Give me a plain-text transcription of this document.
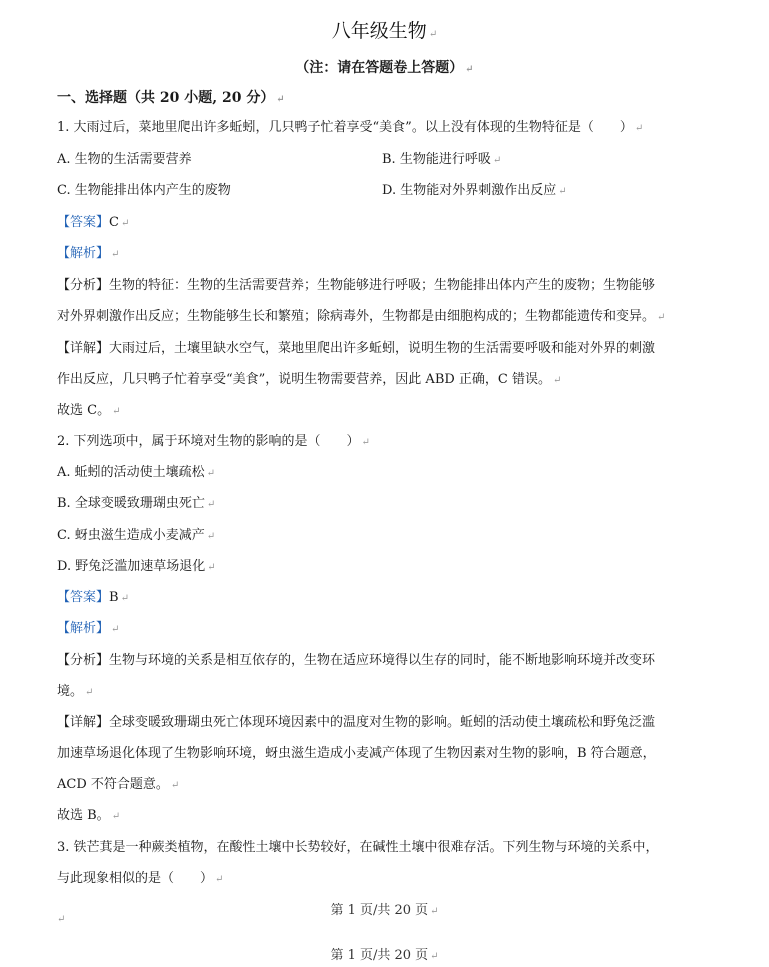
八年级生物 ↵
（注：请在答题卷上答题） ↵
一、选择题（共 20 小题, 20 分） ↵
1. 大雨过后，菜地里爬出许多蚯蚓，几只鸭子忙着享受“美食”。以上没有体现的生物特征是（　　） ↵
A. 生物的生活需要营养	B. 生物能进行呼吸 ↵
C. 生物能排出体内产生的废物	D. 生物能对外界刺激作出反应 ↵
【答案】C ↵
【解析】 ↵
【分析】生物的特征：生物的生活需要营养；生物能够进行呼吸；生物能排出体内产生的废物；生物能够
对外界刺激作出反应；生物能够生长和繁殖；除病毒外，生物都是由细胞构成的；生物都能遗传和变异。 ↵
【详解】大雨过后，土壤里缺水空气，菜地里爬出许多蚯蚓，说明生物的生活需要呼吸和能对外界的刺激
作出反应，几只鸭子忙着享受“美食”，说明生物需要营养，因此 ABD 正确，C 错误。 ↵
故选 C。 ↵
2. 下列选项中，属于环境对生物的影响的是（　　） ↵
A. 蚯蚓的活动使土壤疏松 ↵
B. 全球变暖致珊瑚虫死亡 ↵
C. 蚜虫滋生造成小麦减产 ↵
D. 野兔泛滥加速草场退化 ↵
【答案】B ↵
【解析】 ↵
【分析】生物与环境的关系是相互依存的，生物在适应环境得以生存的同时，能不断地影响环境并改变环
境。 ↵
【详解】全球变暖致珊瑚虫死亡体现环境因素中的温度对生物的影响。蚯蚓的活动使土壤疏松和野兔泛滥
加速草场退化体现了生物影响环境，蚜虫滋生造成小麦减产体现了生物因素对生物的影响，B 符合题意，
ACD 不符合题意。 ↵
故选 B。 ↵
3. 铁芒萁是一种蕨类植物，在酸性土壤中长势较好，在碱性土壤中很难存活。下列生物与环境的关系中，
与此现象相似的是（　　） ↵
第 1 页/共 20 页 ↵
↵
第 1 页/共 20 页 ↵
